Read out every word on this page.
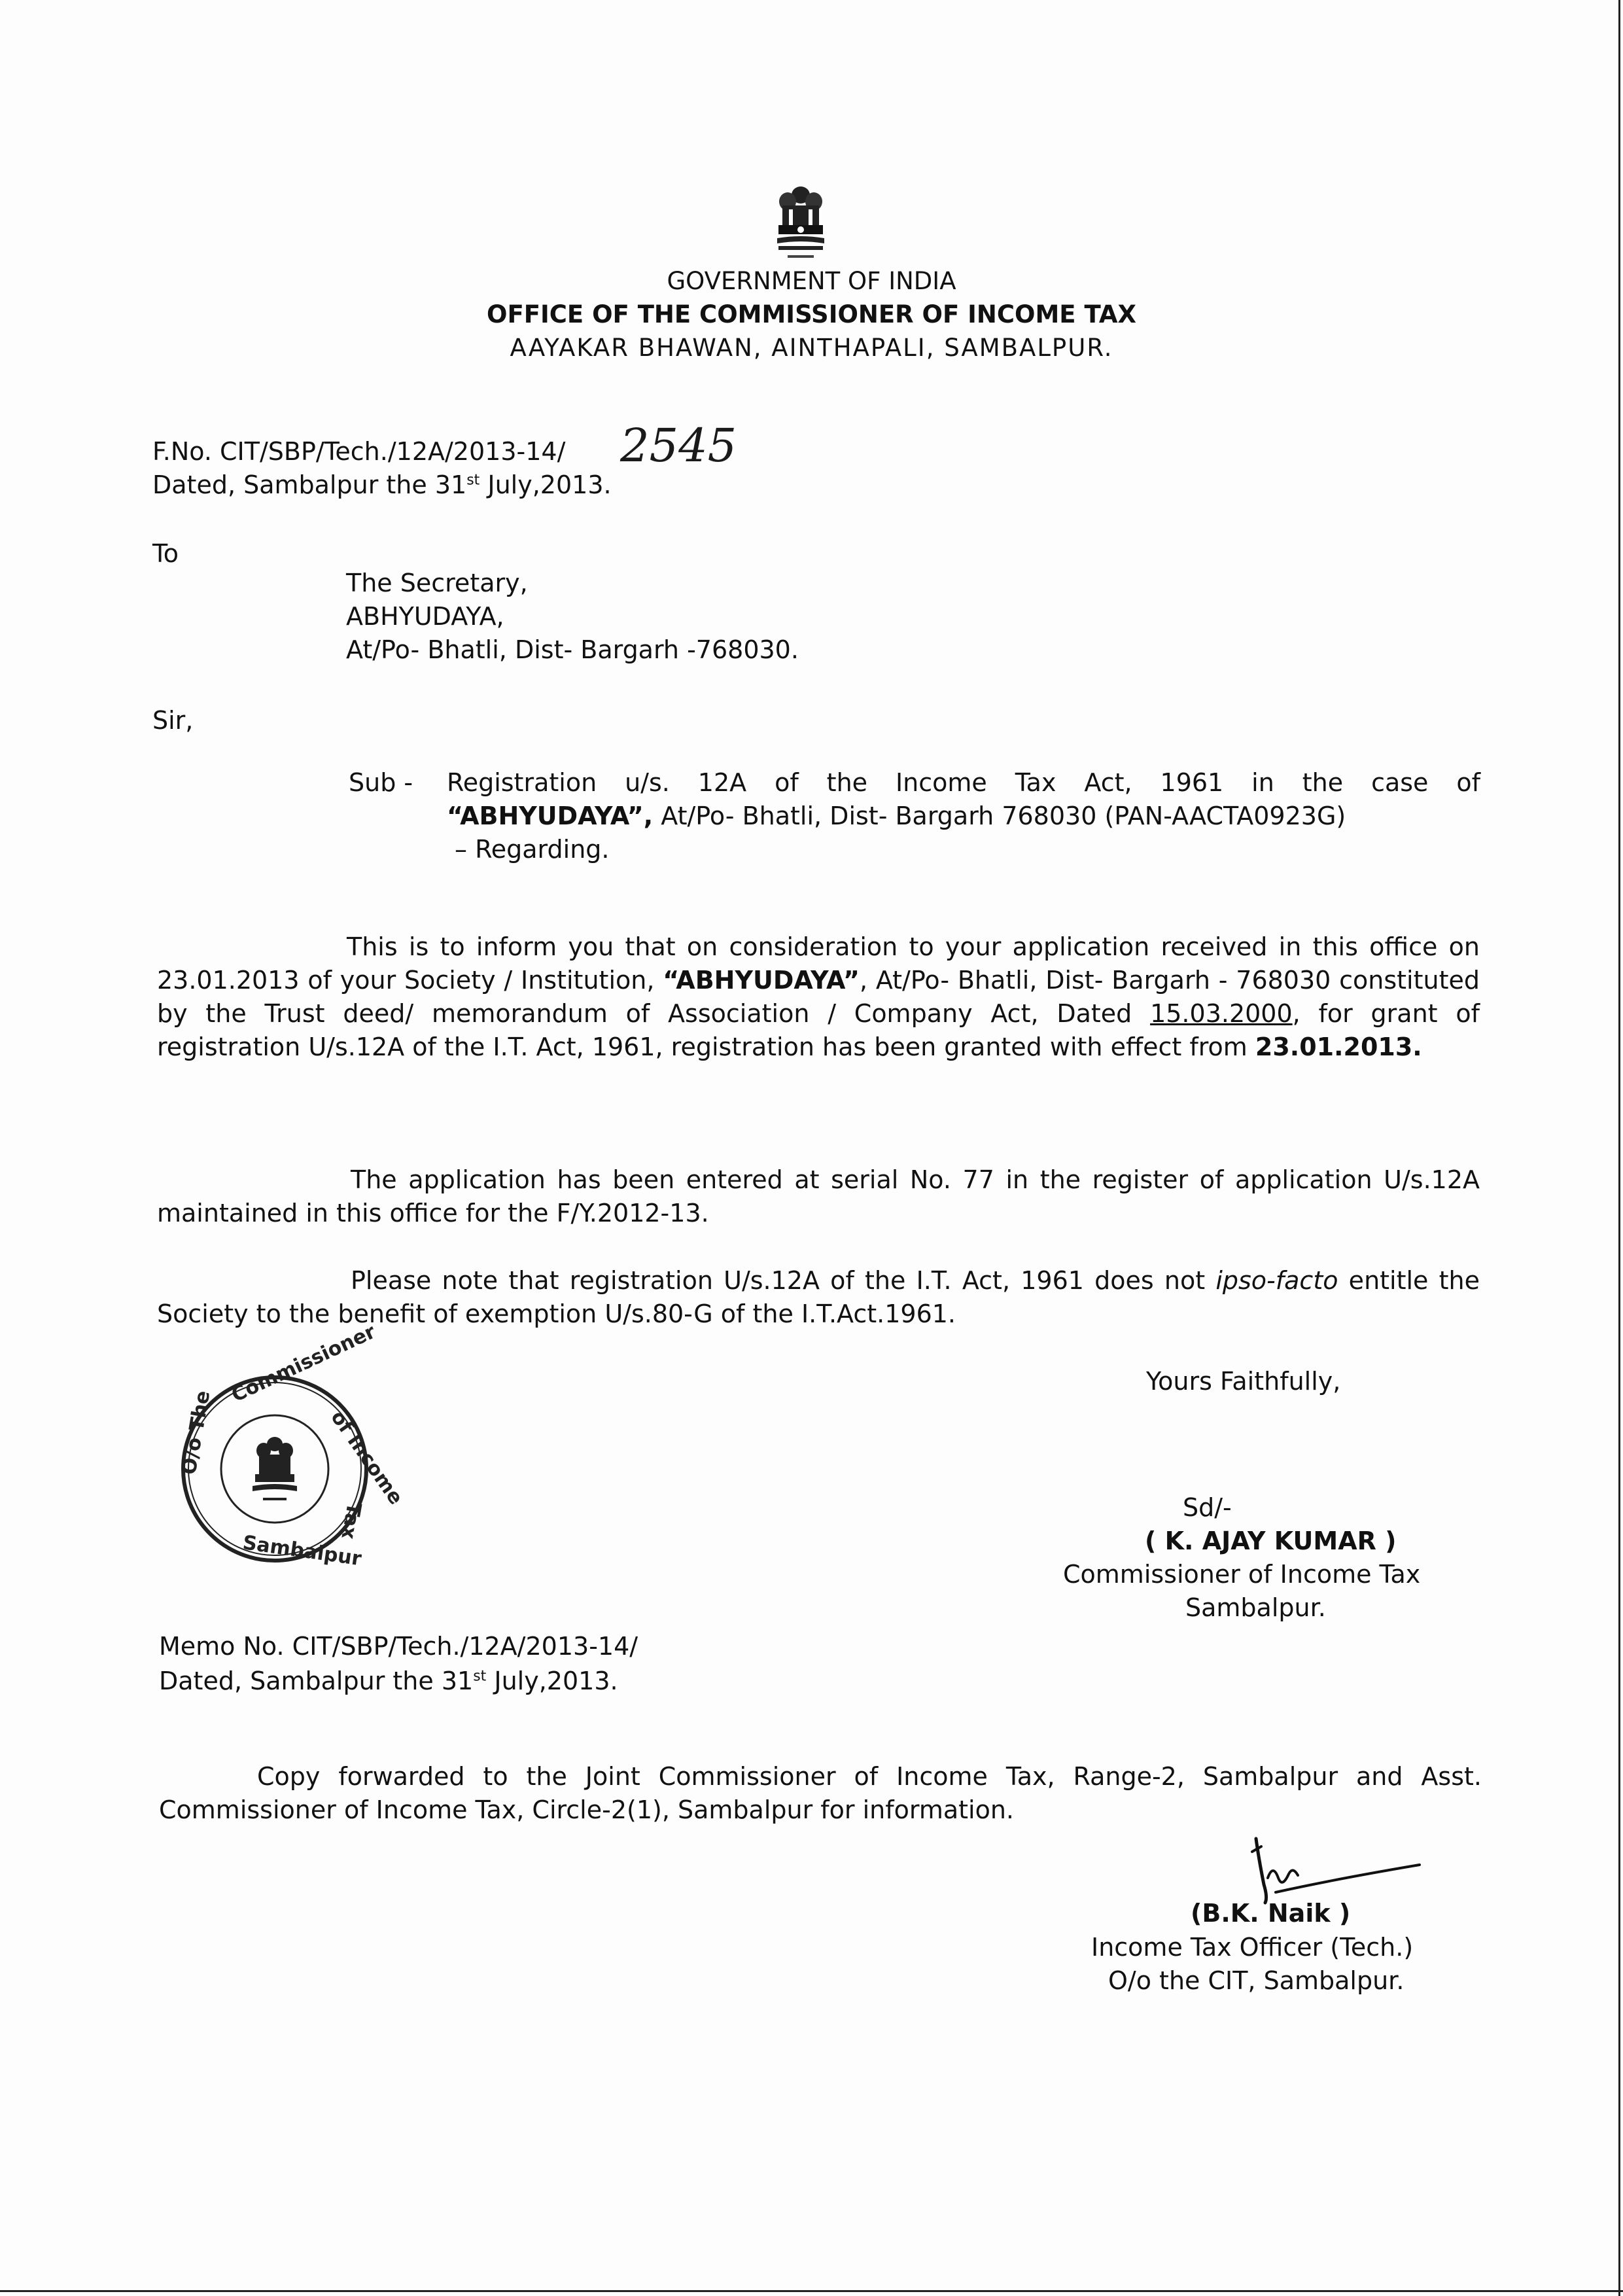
GOVERNMENT OF INDIA
OFFICE OF THE COMMISSIONER OF INCOME TAX
AAYAKAR BHAWAN, AINTHAPALI, SAMBALPUR.
F.No. CIT/SBP/Tech./12A/2013-14/ 2545
Dated, Sambalpur the 31st July,2013.
To
The Secretary,
ABHYUDAYA,
At/Po- Bhatli, Dist- Bargarh -768030.
Sir,
Sub - Registration u/s. 12A of the Income Tax Act, 1961 in the case of
“ABHYUDAYA”, At/Po- Bhatli, Dist- Bargarh 768030 (PAN-AACTA0923G)
– Regarding.
This is to inform you that on consideration to your application received in this office on 23.01.2013 of your Society / Institution, “ABHYUDAYA”, At/Po- Bhatli, Dist- Bargarh - 768030 constituted by the Trust deed/ memorandum of Association / Company Act, Dated 15.03.2000, for grant of registration U/s.12A of the I.T. Act, 1961, registration has been granted with effect from 23.01.2013.
The application has been entered at serial No. 77 in the register of application U/s.12A maintained in this office for the F/Y.2012-13.
Please note that registration U/s.12A of the I.T. Act, 1961 does not ipso-facto entitle the Society to the benefit of exemption U/s.80-G of the I.T.Act.1961.
Yours Faithfully,
O/o The
Commissioner
of Income
Tax
Sambalpur
Sd/-
( K. AJAY KUMAR )
Commissioner of Income Tax
Sambalpur.
Memo No. CIT/SBP/Tech./12A/2013-14/
Dated, Sambalpur the 31st July,2013.
Copy forwarded to the Joint Commissioner of Income Tax, Range-2, Sambalpur and Asst. Commissioner of Income Tax, Circle-2(1), Sambalpur for information.
(B.K. Naik )
Income Tax Officer (Tech.)
O/o the CIT, Sambalpur.
